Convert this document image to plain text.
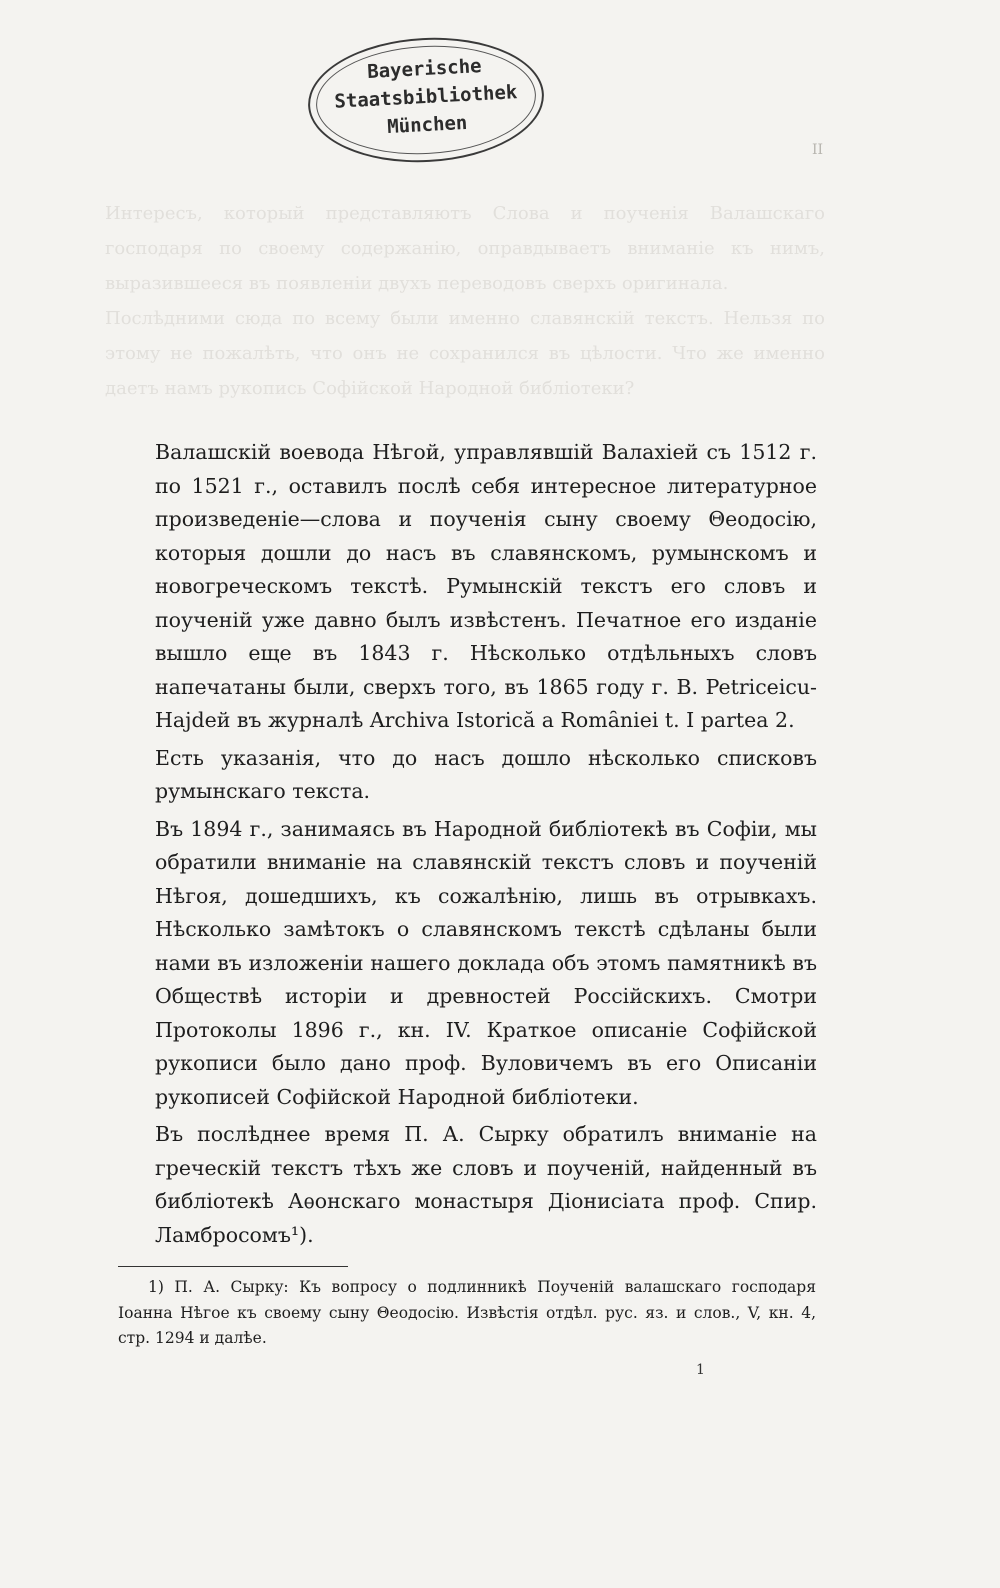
Bayerische
Staatsbibliothek
München
II

Интересъ, который представляютъ Слова и поученія Валашскаго господаря по своему содержанію, оправдываетъ вниманіе къ нимъ, выразившееся въ появленіи двухъ переводовъ сверхъ оригинала.

Послѣдними сюда по всему были именно славянскій текстъ. Нельзя по этому не пожалѣть, что онъ не сохранился въ цѣлости. Что же именно даетъ намъ рукопись Софійской Народной библіотеки?

Валашскій воевода Нѣгой, управлявшій Валахіей съ 1512 г. по 1521 г., оставилъ послѣ себя интересное литературное произведеніе—слова и поученія сыну своему Θеодосію, которыя дошли до насъ въ славянскомъ, румынскомъ и новогреческомъ текстѣ. Румынскій текстъ его словъ и поученій уже давно былъ извѣстенъ. Печатное его изданіе вышло еще въ 1843 г. Нѣсколько отдѣльныхъ словъ напечатаны были, сверхъ того, въ 1865 году г. B. Petriceicu-Hajdeй въ журналѣ Archiva Istorică a Romȃniei t. I partea 2.

Есть указанія, что до насъ дошло нѣсколько списковъ румынскаго текста.

Въ 1894 г., занимаясь въ Народной библіотекѣ въ Софіи, мы обратили вниманіе на славянскій текстъ словъ и поученій Нѣгоя, дошедшихъ, къ сожалѣнію, лишь въ отрывкахъ. Нѣсколько замѣтокъ о славянскомъ текстѣ сдѣланы были нами въ изложеніи нашего доклада объ этомъ памятникѣ въ Обществѣ исторіи и древностей Россійскихъ. Смотри Протоколы 1896 г., кн. IV. Краткое описаніе Софійской рукописи было дано проф. Вуловичемъ въ его Описаніи рукописей Софійской Народной библіотеки.

Въ послѣднее время П. А. Сырку обратилъ вниманіе на греческій текстъ тѣхъ же словъ и поученій, найденный въ библіотекѣ Аѳонскаго монастыря Діонисіата проф. Спир. Ламбросомъ¹).

1) П. А. Сырку: Къ вопросу о подлинникѣ Поученій валашскаго господаря Іоанна Нѣгое къ своему сыну Θеодосію. Извѣстія отдѣл. рус. яз. и слов., V, кн. 4, стр. 1294 и далѣе.

1
